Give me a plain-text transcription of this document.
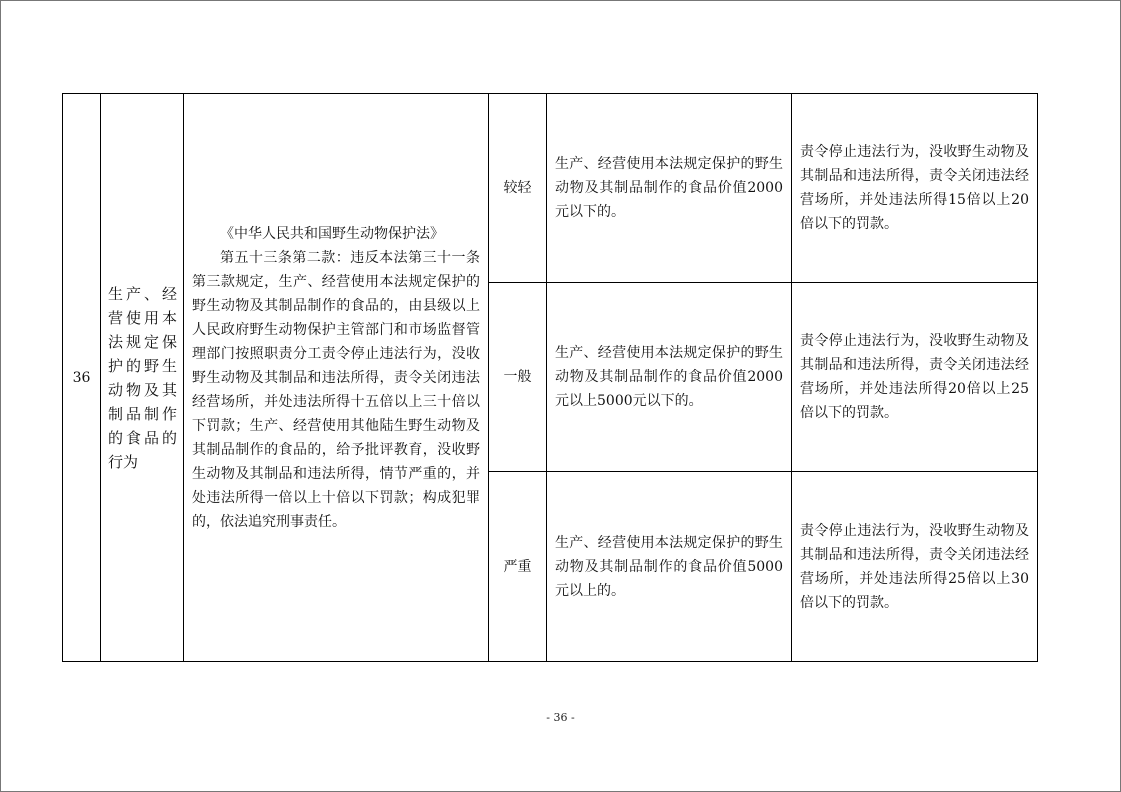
36	生产、经营使用本法规定保护的野生动物及其制品制作的食品的行为	《中华人民共和国野生动物保护法》
第五十三条第二款：违反本法第三十一条第三款规定，生产、经营使用本法规定保护的野生动物及其制品制作的食品的，由县级以上人民政府野生动物保护主管部门和市场监督管理部门按照职责分工责令停止违法行为，没收野生动物及其制品和违法所得，责令关闭违法经营场所，并处违法所得十五倍以上三十倍以下罚款；生产、经营使用其他陆生野生动物及其制品制作的食品的，给予批评教育，没收野生动物及其制品和违法所得，情节严重的，并处违法所得一倍以上十倍以下罚款；构成犯罪的，依法追究刑事责任。	较轻	生产、经营使用本法规定保护的野生动物及其制品制作的食品价值2000元以下的。	责令停止违法行为，没收野生动物及其制品和违法所得，责令关闭违法经营场所，并处违法所得15倍以上20倍以下的罚款。
			一般	生产、经营使用本法规定保护的野生动物及其制品制作的食品价值2000元以上5000元以下的。	责令停止违法行为，没收野生动物及其制品和违法所得，责令关闭违法经营场所，并处违法所得20倍以上25倍以下的罚款。
			严重	生产、经营使用本法规定保护的野生动物及其制品制作的食品价值5000元以上的。	责令停止违法行为，没收野生动物及其制品和违法所得，责令关闭违法经营场所，并处违法所得25倍以上30倍以下的罚款。
- 36 -
